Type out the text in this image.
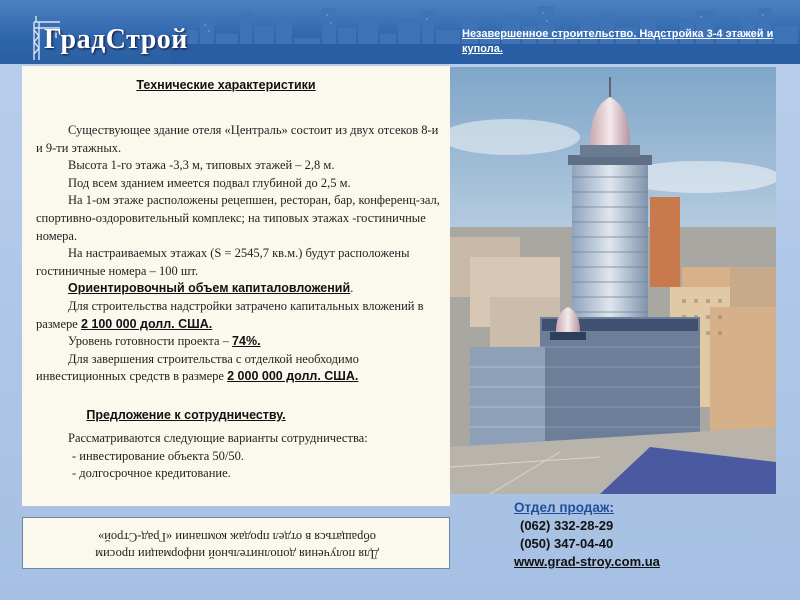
ГрадСтрой	Незавершенное строительство. Надстройка 3-4 этажей и купола.
Технические характеристики

Существующее здание отеля «Централь» состоит из двух отсеков 8-и и 9-ти этажных.

Высота 1-го этажа -3,3 м, типовых этажей – 2,8 м.

Под всем зданием имеется подвал глубиной до 2,5 м.

На 1-ом этаже расположены рецепшен, ресторан, бар, конференц-зал, спортивно-оздоровительный комплекс; на типовых этажах -гостиничные номера.

На настраиваемых этажах (S = 2545,7 кв.м.) будут расположены гостиничные номера – 100 шт.

Ориентировочный объем капиталовложений.

Для строительства надстройки затрачено капитальных вложений в размере 2 100 000 долл. США.

Уровень готовности проекта – 74%.

Для завершения строительства с отделкой необходимо инвестиционных средств в размере 2 000 000 долл. США.

Предложение к сотрудничеству.

Рассматриваются следующие варианты сотрудничества:

- инвестирование объекта 50/50.

- долгосрочное кредитование.

Отдел продаж:
(062) 332-28-29
(050) 347-04-40
www.grad-stroy.com.ua
Для получения дополнительной информации просим
обращаться в отдел продаж компании «Град-Строй»
